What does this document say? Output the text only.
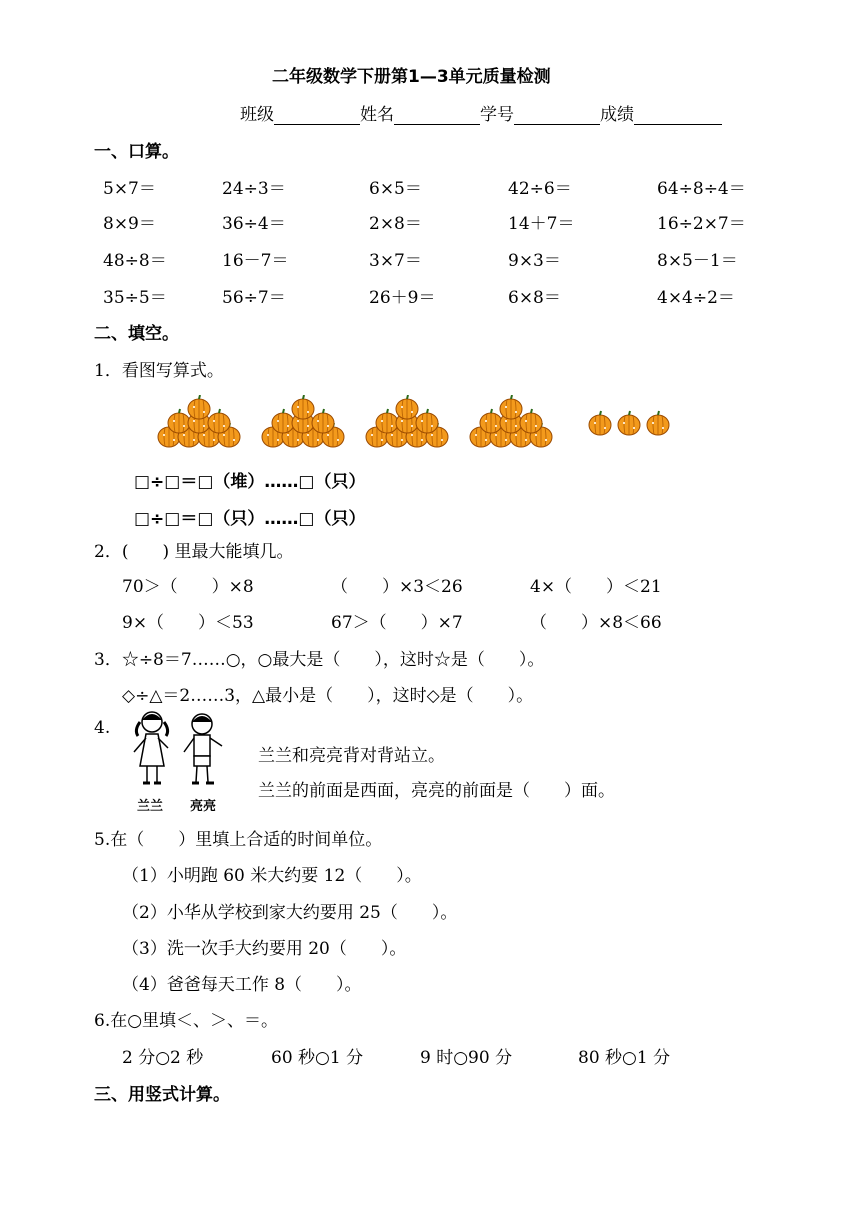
二年级数学下册第1—3单元质量检测
班级	姓名	学号	成绩
一、口算。
5×7＝	24÷3＝	6×5＝	42÷6＝	64÷8÷4＝
8×9＝	36÷4＝	2×8＝	14＋7＝	16÷2×7＝
48÷8＝	16－7＝	3×7＝	9×3＝	8×5－1＝
35÷5＝	56÷7＝	26＋9＝	6×8＝	4×4÷2＝
二、填空。
1．看图写算式。
□÷□＝□（堆）……□（只）
□÷□＝□（只）……□（只）
2．(　　) 里最大能填几。
70＞（　　）×8	（　　）×3＜26	4×（　　）＜21
9×（　　）＜53	67＞（　　）×7	（　　）×8＜66
3．☆÷8＝7……○，○最大是（　　），这时☆是（　　）。
◇÷△＝2……3，△最小是（　　），这时◇是（　　）。
4.
兰兰 亮亮
兰兰和亮亮背对背站立。
兰兰的前面是西面，亮亮的前面是（　　）面。
5.在（　　）里填上合适的时间单位。
（1）小明跑 60 米大约要 12（　　）。
（2）小华从学校到家大约要用 25（　　）。
（3）洗一次手大约要用 20（　　）。
（4）爸爸每天工作 8（　　）。
6.在○里填＜、＞、＝。
2 分○2 秒	60 秒○1 分	9 时○90 分	80 秒○1 分
三、用竖式计算。
